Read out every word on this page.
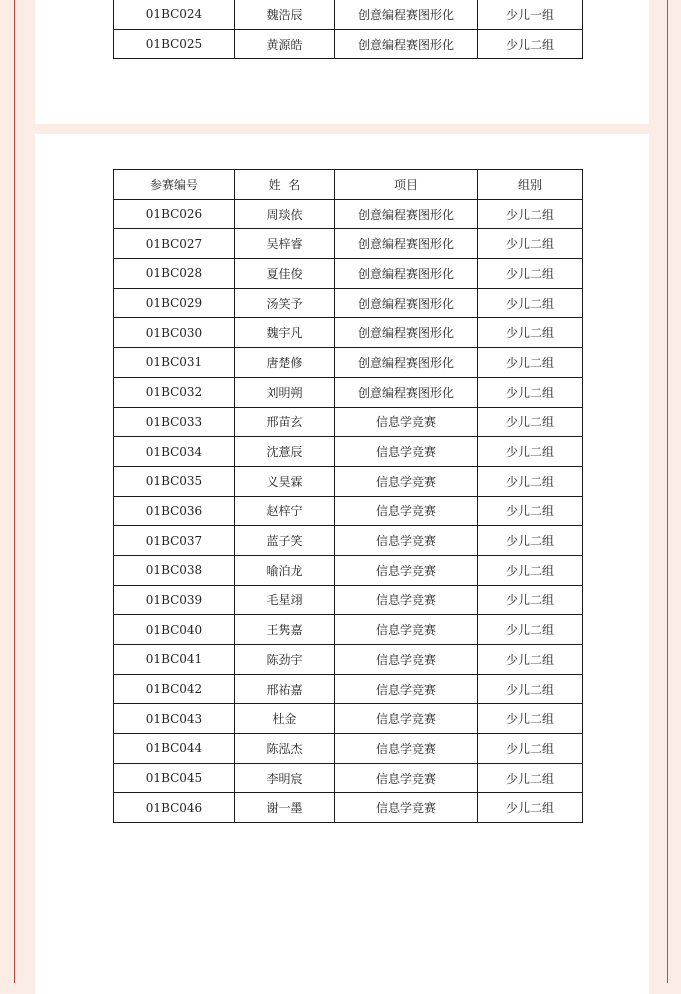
01BC024	魏浩辰	创意编程赛图形化	少儿一组
01BC025	黄源皓	创意编程赛图形化	少儿二组
参赛编号	姓  名	项目	组别
01BC026	周琰依	创意编程赛图形化	少儿二组
01BC027	吴梓睿	创意编程赛图形化	少儿二组
01BC028	夏佳俊	创意编程赛图形化	少儿二组
01BC029	汤笑予	创意编程赛图形化	少儿二组
01BC030	魏宇凡	创意编程赛图形化	少儿二组
01BC031	唐楚修	创意编程赛图形化	少儿二组
01BC032	刘明朔	创意编程赛图形化	少儿二组
01BC033	邢苗玄	信息学竞赛	少儿二组
01BC034	沈薏辰	信息学竞赛	少儿二组
01BC035	义昊霖	信息学竞赛	少儿二组
01BC036	赵梓宁	信息学竞赛	少儿二组
01BC037	蓝子笑	信息学竞赛	少儿二组
01BC038	喻泊龙	信息学竞赛	少儿二组
01BC039	毛星翊	信息学竞赛	少儿二组
01BC040	王隽嘉	信息学竞赛	少儿二组
01BC041	陈劲宇	信息学竞赛	少儿二组
01BC042	邢祐嘉	信息学竞赛	少儿二组
01BC043	杜金	信息学竞赛	少儿二组
01BC044	陈泓杰	信息学竞赛	少儿二组
01BC045	李明宸	信息学竞赛	少儿二组
01BC046	谢一墨	信息学竞赛	少儿二组
